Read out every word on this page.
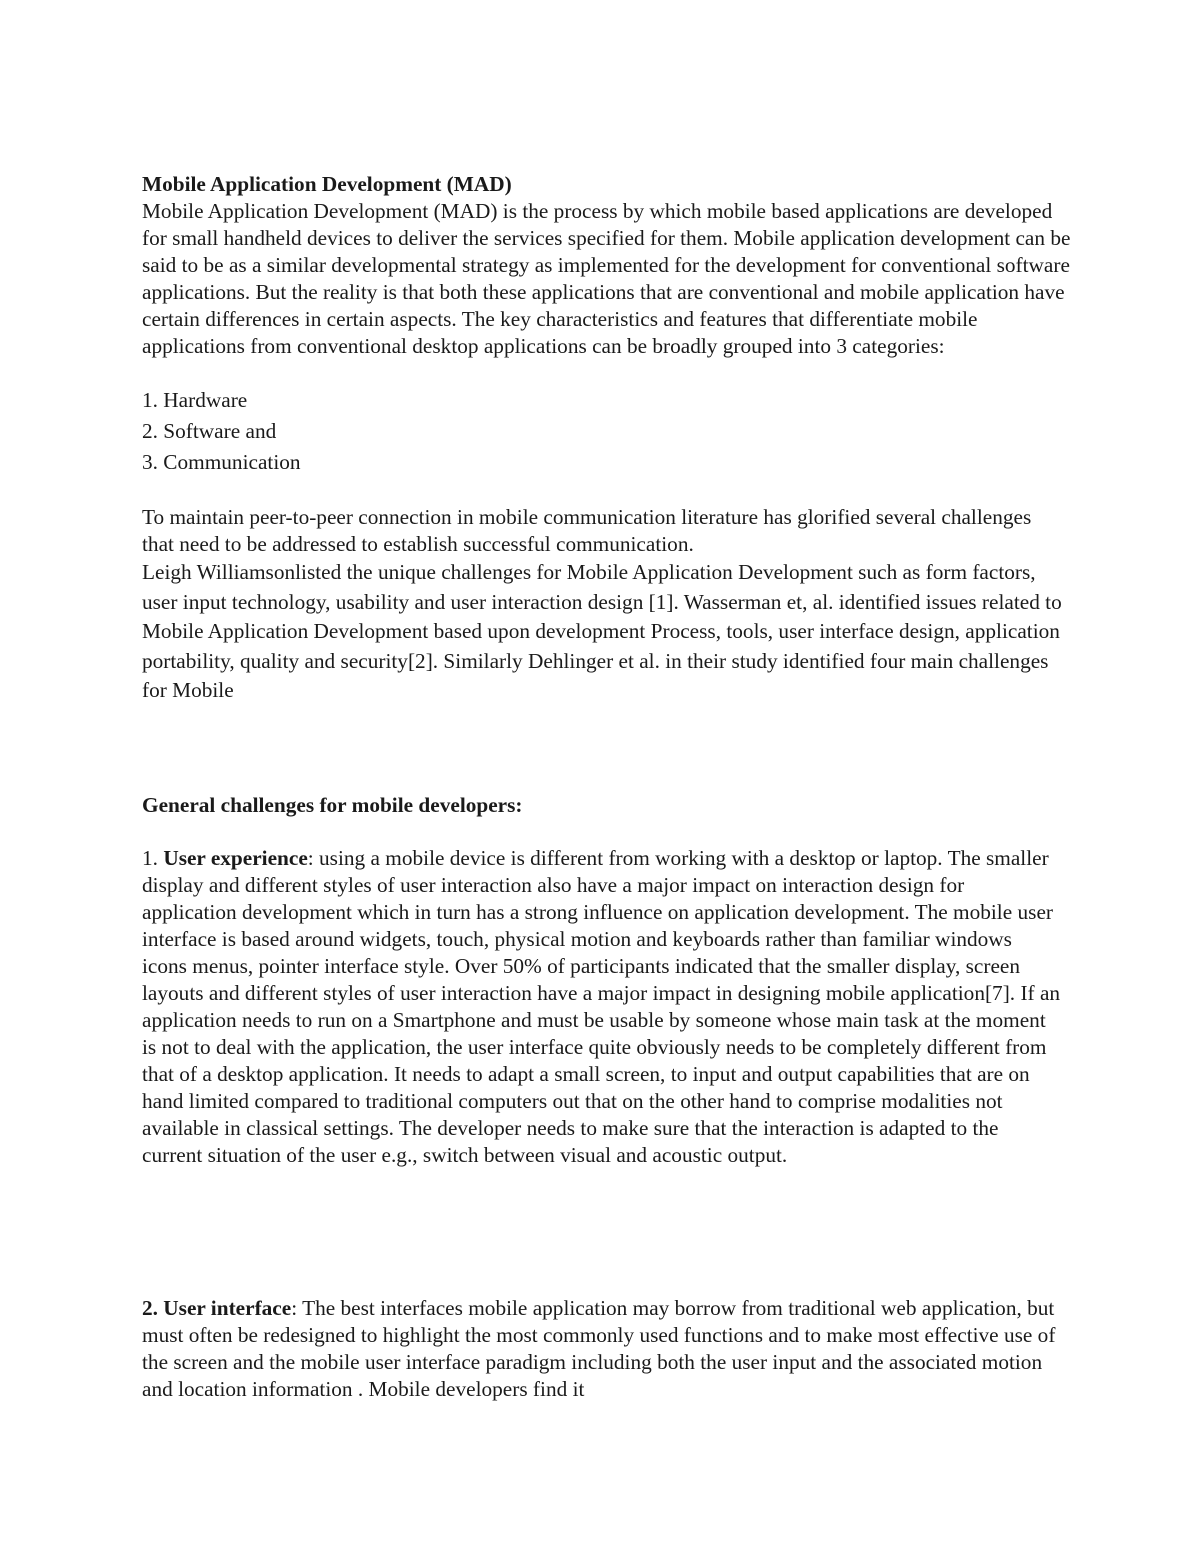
Mobile Application Development (MAD)

Mobile Application Development (MAD) is the process by which mobile based applications are developed for small handheld devices to deliver the services specified for them. Mobile application development can be said to be as a similar developmental strategy as implemented for the development for conventional software applications. But the reality is that both these applications that are conventional and mobile application have certain differences in certain aspects. The key characteristics and features that differentiate mobile applications from conventional desktop applications can be broadly grouped into 3 categories:

1. Hardware
2. Software and
3. Communication

To maintain peer-to-peer connection in mobile communication literature has glorified several challenges that need to be addressed to establish successful communication.

Leigh Williamsonlisted the unique challenges for Mobile Application Development such as form factors, user input technology, usability and user interaction design [1]. Wasserman et, al. identified issues related to Mobile Application Development based upon development Process, tools, user interface design, application portability, quality and security[2]. Similarly Dehlinger et al. in their study identified four main challenges for Mobile

General challenges for mobile developers:

1. User experience: using a mobile device is different from working with a desktop or laptop. The smaller display and different styles of user interaction also have a major impact on interaction design for application development which in turn has a strong influence on application development. The mobile user interface is based around widgets, touch, physical motion and keyboards rather than familiar windows icons menus, pointer interface style. Over 50% of participants indicated that the smaller display, screen layouts and different styles of user interaction have a major impact in designing mobile application[7]. If an application needs to run on a Smartphone and must be usable by someone whose main task at the moment is not to deal with the application, the user interface quite obviously needs to be completely different from that of a desktop application. It needs to adapt a small screen, to input and output capabilities that are on hand limited compared to traditional computers out that on the other hand to comprise modalities not available in classical settings. The developer needs to make sure that the interaction is adapted to the current situation of the user e.g., switch between visual and acoustic output.

2. User interface: The best interfaces mobile application may borrow from traditional web application, but must often be redesigned to highlight the most commonly used functions and to make most effective use of the screen and the mobile user interface paradigm including both the user input and the associated motion and location information . Mobile developers find it
